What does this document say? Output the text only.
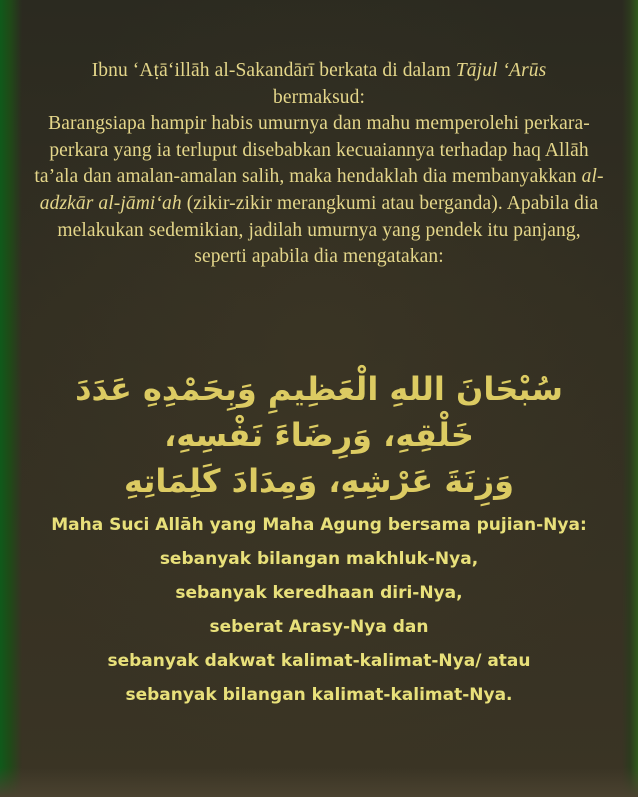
Ibnu ‘Aṭā‘illāh al-Sakandārī berkata di dalam Tājul ‘Arūs

bermaksud:

Barangsiapa hampir habis umurnya dan mahu memperolehi perkara-perkara yang ia terluput disebabkan kecuaiannya terhadap haq Allāh ta’ala dan amalan-amalan salih, maka hendaklah dia membanyakkan al-adzkār al-jāmi‘ah (zikir-zikir merangkumi atau berganda). Apabila dia melakukan sedemikian, jadilah umurnya yang pendek itu panjang, seperti apabila dia mengatakan:

سُبْحَانَ اللهِ الْعَظِيمِ وَبِحَمْدِهِ عَدَدَ خَلْقِهِ، وَرِضَاءَ نَفْسِهِ،
وَزِنَةَ عَرْشِهِ، وَمِدَادَ كَلِمَاتِهِ
Maha Suci Allāh yang Maha Agung bersama pujian-Nya:
sebanyak bilangan makhluk-Nya,
sebanyak keredhaan diri-Nya,
seberat Arasy-Nya dan
sebanyak dakwat kalimat-kalimat-Nya/ atau
sebanyak bilangan kalimat-kalimat-Nya.
